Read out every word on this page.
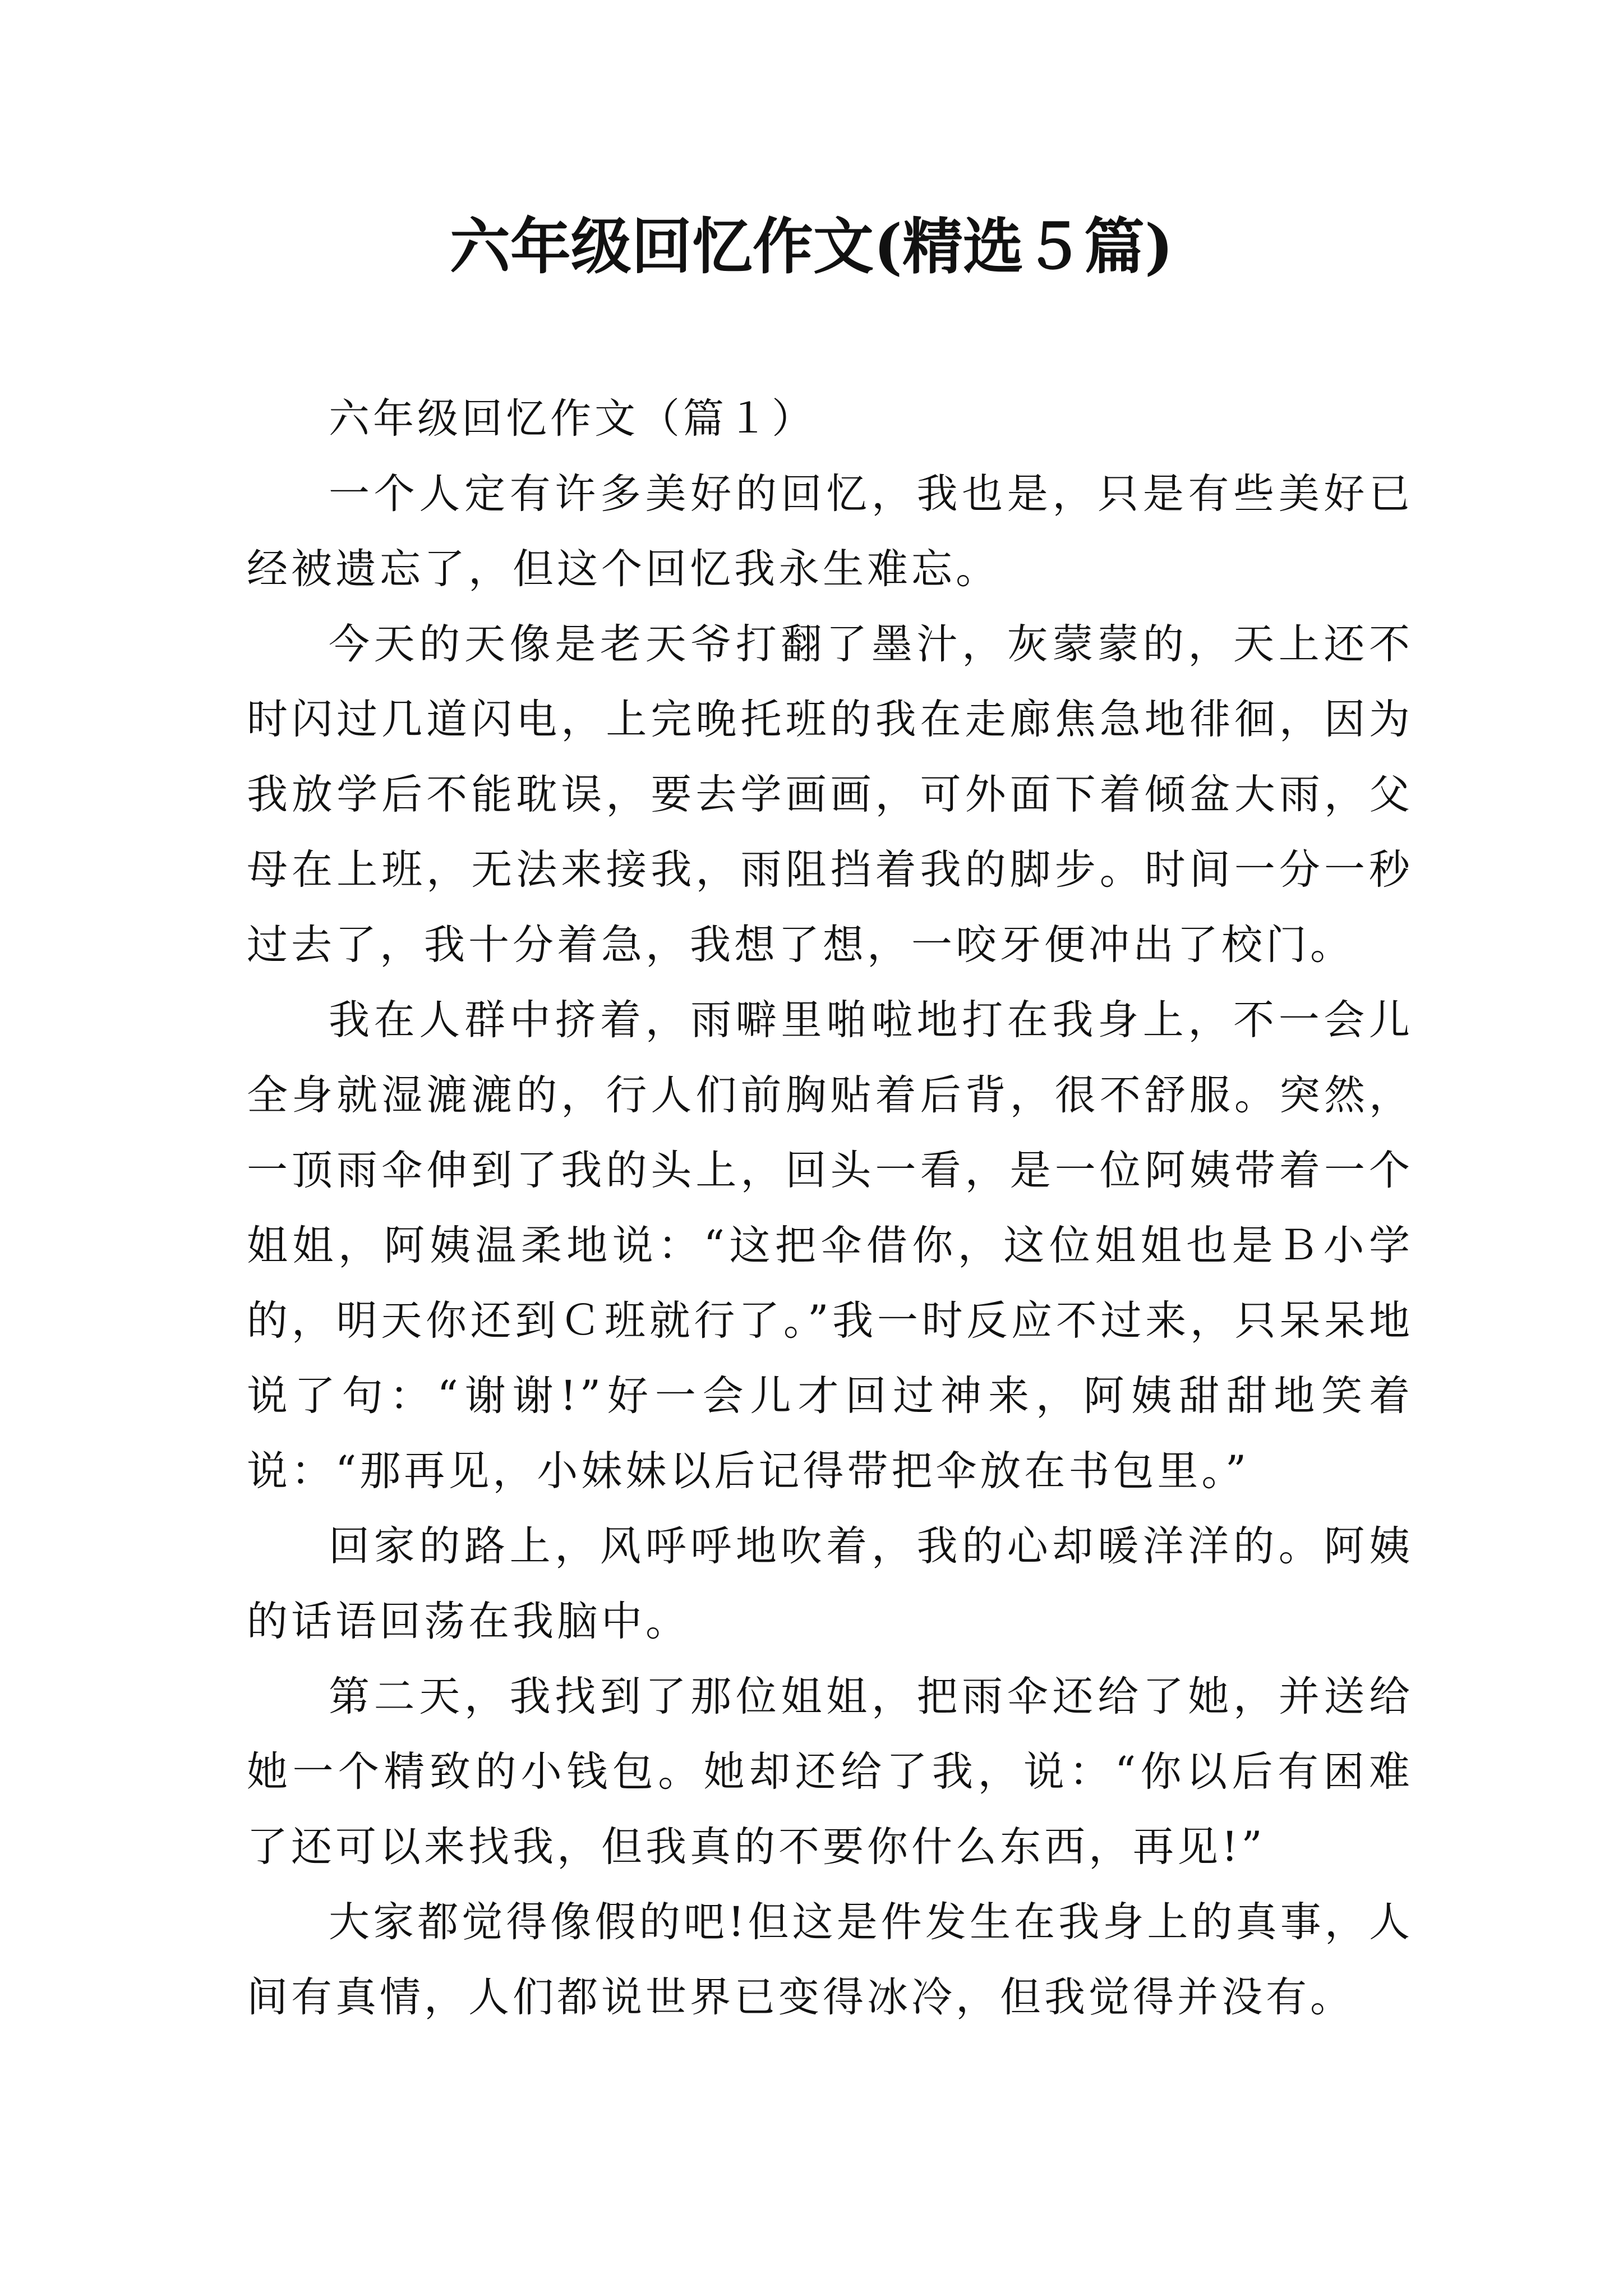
六年级回忆作文(精选５篇)

六年级回忆作文（篇１）

一个人定有许多美好的回忆，我也是，只是有些美好已经被遗忘了，但这个回忆我永生难忘。

今天的天像是老天爷打翻了墨汁，灰蒙蒙的，天上还不时闪过几道闪电，上完晚托班的我在走廊焦急地徘徊，因为我放学后不能耽误，要去学画画，可外面下着倾盆大雨，父母在上班，无法来接我，雨阻挡着我的脚步。时间一分一秒过去了，我十分着急，我想了想，一咬牙便冲出了校门。

我在人群中挤着，雨噼里啪啦地打在我身上，不一会儿全身就湿漉漉的，行人们前胸贴着后背，很不舒服。突然，一顶雨伞伸到了我的头上，回头一看，是一位阿姨带着一个姐姐，阿姨温柔地说：“这把伞借你，这位姐姐也是Ｂ小学的，明天你还到Ｃ班就行了。”我一时反应不过来，只呆呆地说了句：“谢谢!”好一会儿才回过神来，阿姨甜甜地笑着说：“那再见，小妹妹以后记得带把伞放在书包里。”

回家的路上，风呼呼地吹着，我的心却暖洋洋的。阿姨的话语回荡在我脑中。

第二天，我找到了那位姐姐，把雨伞还给了她，并送给她一个精致的小钱包。她却还给了我，说：“你以后有困难了还可以来找我，但我真的不要你什么东西，再见!”

大家都觉得像假的吧!但这是件发生在我身上的真事，人间有真情，人们都说世界已变得冰冷，但我觉得并没有。
